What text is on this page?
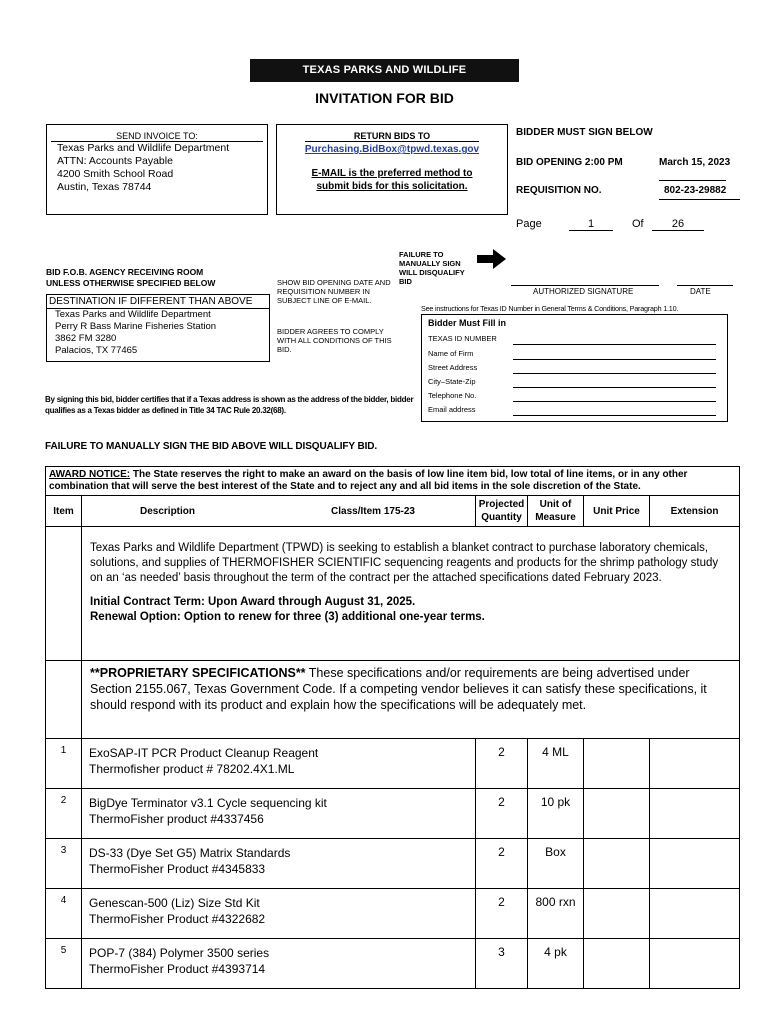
TEXAS PARKS AND WILDLIFE
INVITATION FOR BID
SEND INVOICE TO:
Texas Parks and Wildlife Department
ATTN: Accounts Payable
4200 Smith School Road
Austin, Texas 78744
RETURN BIDS TO
Purchasing.BidBox@tpwd.texas.gov
E-MAIL is the preferred method to
submit bids for this solicitation.
BIDDER MUST SIGN BELOW
BID OPENING 2:00 PM	March 15, 2023
REQUISITION NO.	802-23-29882
Page	1	Of	26
FAILURE TO MANUALLY SIGN WILL DISQUALIFY BID
AUTHORIZED SIGNATURE	DATE
See instructions for Texas ID Number in General Terms & Conditions, Paragraph 1.10.
BID F.O.B. AGENCY RECEIVING ROOM
UNLESS OTHERWISE SPECIFIED BELOW
DESTINATION IF DIFFERENT THAN ABOVE
Texas Parks and Wildlife Department
Perry R Bass Marine Fisheries Station
3862 FM 3280
Palacios, TX 77465
SHOW BID OPENING DATE AND REQUISITION NUMBER IN SUBJECT LINE OF E-MAIL.
BIDDER AGREES TO COMPLY WITH ALL CONDITIONS OF THIS BID.
Bidder Must Fill in
TEXAS ID NUMBER
Name of Firm
Street Address
City–State-Zip
Telephone No.
Email address
By signing this bid, bidder certifies that if a Texas address is shown as the address of the bidder, bidder qualifies as a Texas bidder as defined in Title 34 TAC Rule 20.32(68).
FAILURE TO MANUALLY SIGN THE BID ABOVE WILL DISQUALIFY BID.
AWARD NOTICE: The State reserves the right to make an award on the basis of low line item bid, low total of line items, or in any other combination that will serve the best interest of the State and to reject any and all bid items in the sole discretion of the State.					
Item	Description Class/Item 175-23	Projected Quantity	Unit of Measure	Unit Price	Extension

	Texas Parks and Wildlife Department (TPWD) is seeking to establish a blanket contract to purchase laboratory chemicals, solutions, and supplies of THERMOFISHER SCIENTIFIC sequencing reagents and products for the shrimp pathology study on an ‘as needed’ basis throughout the term of the contract per the attached specifications dated February 2023.
Initial Contract Term: Upon Award through August 31, 2025.
Renewal Option: Option to renew for three (3) additional one-year terms.				

	**PROPRIETARY SPECIFICATIONS** These specifications and/or requirements are being advertised under Section 2155.067, Texas Government Code. If a competing vendor believes it can satisfy these specifications, it should respond with its product and explain how the specifications will be adequately met.				
1	ExoSAP-IT PCR Product Cleanup Reagent
Thermofisher product # 78202.4X1.ML	2	4 ML		
2	BigDye Terminator v3.1 Cycle sequencing kit
ThermoFisher product #4337456	2	10 pk		
3	DS-33 (Dye Set G5) Matrix Standards
ThermoFisher Product #4345833	2	Box		
4	Genescan-500 (Liz) Size Std Kit
ThermoFisher Product #4322682	2	800 rxn		
5	POP-7 (384) Polymer 3500 series
ThermoFisher Product #4393714	3	4 pk		
